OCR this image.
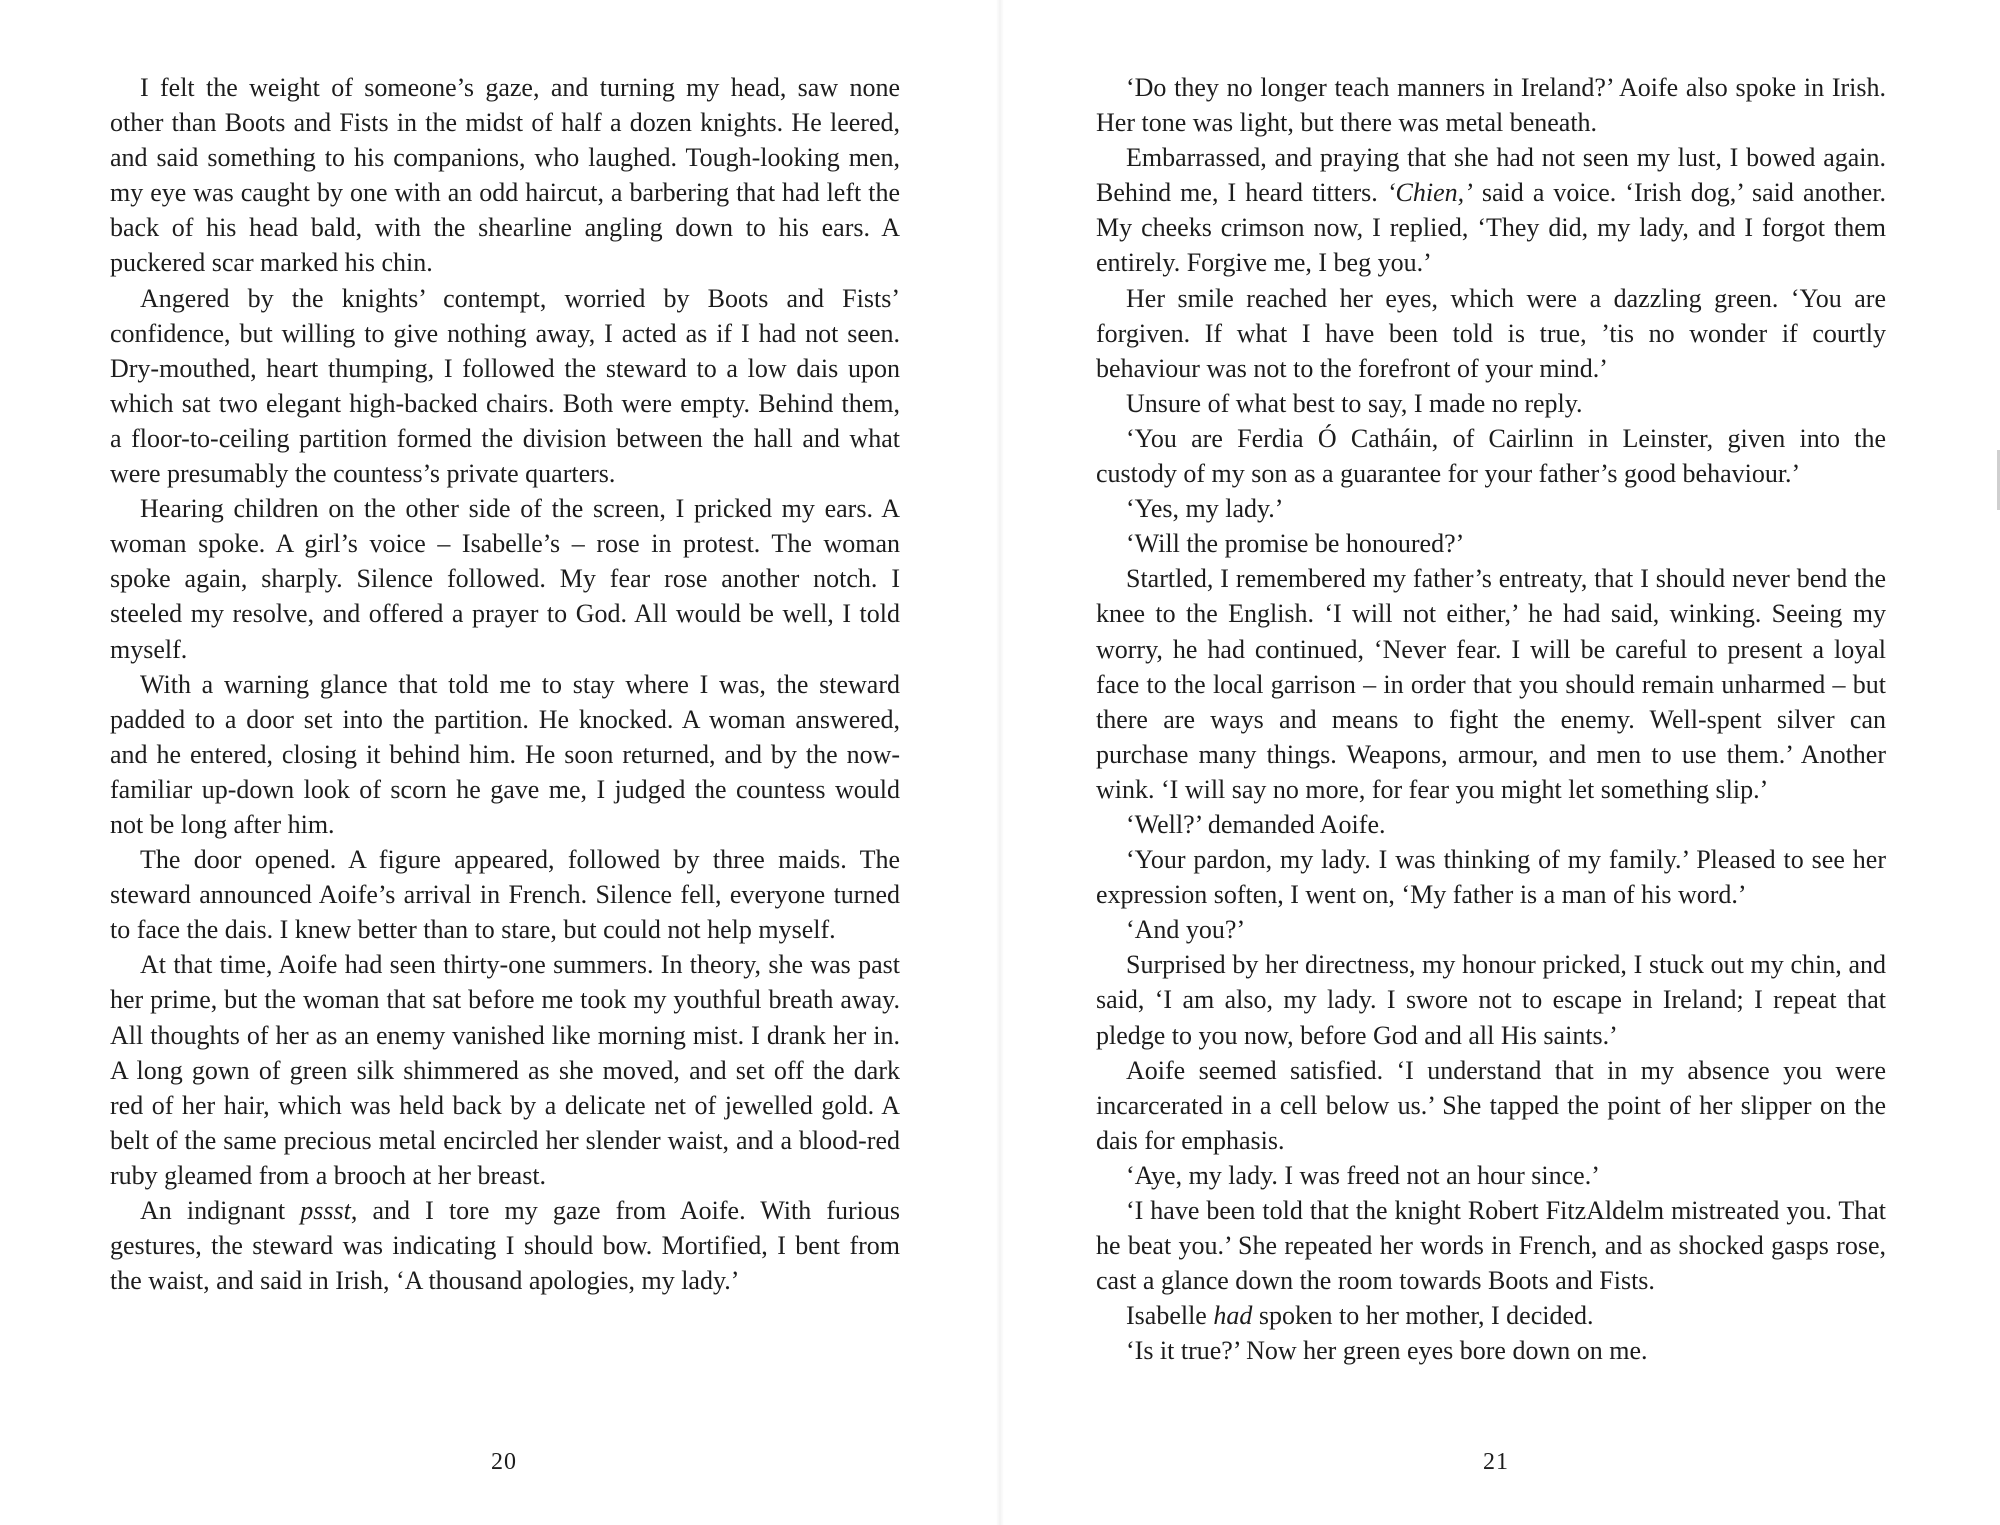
I felt the weight of someone’s gaze, and turning my head, saw none other than Boots and Fists in the midst of half a dozen knights. He leered, and said something to his companions, who laughed. Tough-looking men, my eye was caught by one with an odd haircut, a barbering that had left the back of his head bald, with the shearline angling down to his ears. A puckered scar marked his chin.

Angered by the knights’ contempt, worried by Boots and Fists’ confidence, but willing to give nothing away, I acted as if I had not seen. Dry-mouthed, heart thumping, I followed the steward to a low dais upon which sat two elegant high-backed chairs. Both were empty. Behind them, a floor-to-ceiling partition formed the division between the hall and what were presumably the countess’s private quarters.

Hearing children on the other side of the screen, I pricked my ears. A woman spoke. A girl’s voice – Isabelle’s – rose in protest. The woman spoke again, sharply. Silence followed. My fear rose another notch. I steeled my resolve, and offered a prayer to God. All would be well, I told myself.

With a warning glance that told me to stay where I was, the steward padded to a door set into the partition. He knocked. A woman answered, and he entered, closing it behind him. He soon returned, and by the now-familiar up-down look of scorn he gave me, I judged the countess would not be long after him.

The door opened. A figure appeared, followed by three maids. The steward announced Aoife’s arrival in French. Silence fell, everyone turned to face the dais. I knew better than to stare, but could not help myself.

At that time, Aoife had seen thirty-one summers. In theory, she was past her prime, but the woman that sat before me took my youthful breath away. All thoughts of her as an enemy vanished like morning mist. I drank her in. A long gown of green silk shimmered as she moved, and set off the dark red of her hair, which was held back by a delicate net of jewelled gold. A belt of the same precious metal encircled her slender waist, and a blood-red ruby gleamed from a brooch at her breast.

An indignant pssst, and I tore my gaze from Aoife. With furious gestures, the steward was indicating I should bow. Mortified, I bent from the waist, and said in Irish, ‘A thousand apologies, my lady.’

‘Do they no longer teach manners in Ireland?’ Aoife also spoke in Irish. Her tone was light, but there was metal beneath.

Embarrassed, and praying that she had not seen my lust, I bowed again. Behind me, I heard titters. ‘Chien,’ said a voice. ‘Irish dog,’ said another. My cheeks crimson now, I replied, ‘They did, my lady, and I forgot them entirely. Forgive me, I beg you.’

Her smile reached her eyes, which were a dazzling green. ‘You are forgiven. If what I have been told is true, ’tis no wonder if courtly behaviour was not to the forefront of your mind.’

Unsure of what best to say, I made no reply.

‘You are Ferdia Ó Catháin, of Cairlinn in Leinster, given into the custody of my son as a guarantee for your father’s good behaviour.’

‘Yes, my lady.’

‘Will the promise be honoured?’

Startled, I remembered my father’s entreaty, that I should never bend the knee to the English. ‘I will not either,’ he had said, winking. Seeing my worry, he had continued, ‘Never fear. I will be careful to present a loyal face to the local garrison – in order that you should remain unharmed – but there are ways and means to fight the enemy. Well-spent silver can purchase many things. Weapons, armour, and men to use them.’ Another wink. ‘I will say no more, for fear you might let something slip.’

‘Well?’ demanded Aoife.

‘Your pardon, my lady. I was thinking of my family.’ Pleased to see her expression soften, I went on, ‘My father is a man of his word.’

‘And you?’

Surprised by her directness, my honour pricked, I stuck out my chin, and said, ‘I am also, my lady. I swore not to escape in Ireland; I repeat that pledge to you now, before God and all His saints.’

Aoife seemed satisfied. ‘I understand that in my absence you were incarcerated in a cell below us.’ She tapped the point of her slipper on the dais for emphasis.

‘Aye, my lady. I was freed not an hour since.’

‘I have been told that the knight Robert FitzAldelm mistreated you. That he beat you.’ She repeated her words in French, and as shocked gasps rose, cast a glance down the room towards Boots and Fists.

Isabelle had spoken to her mother, I decided.

‘Is it true?’ Now her green eyes bore down on me.

20	21
